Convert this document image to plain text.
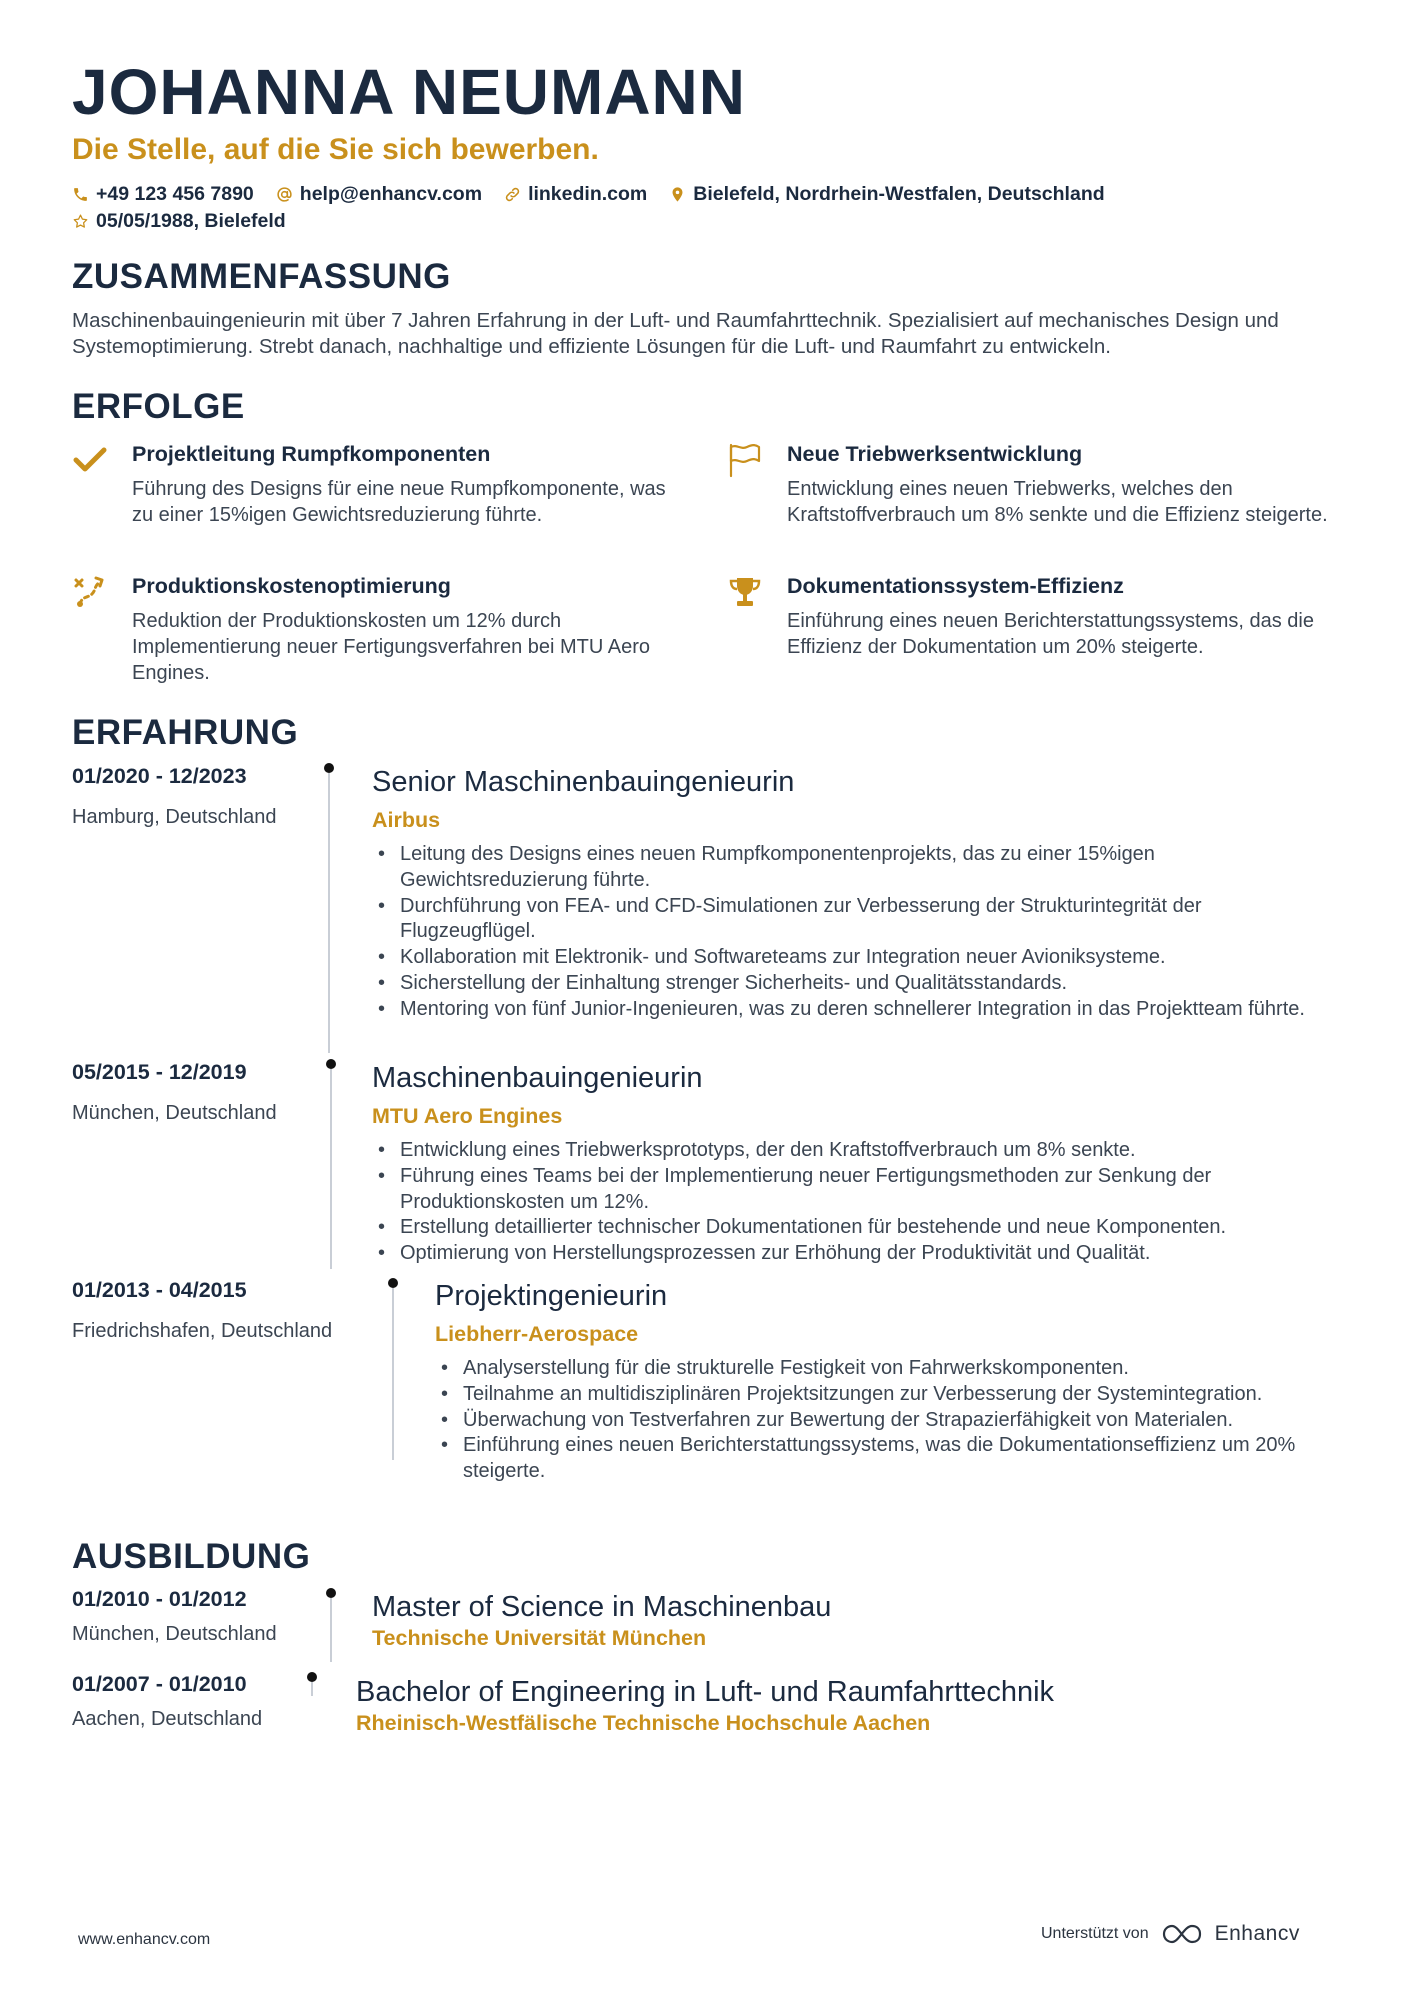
JOHANNA NEUMANN
Die Stelle, auf die Sie sich bewerben.
+49 123 456 7890 help@enhancv.com linkedin.com Bielefeld, Nordrhein-Westfalen, Deutschland
05/05/1988, Bielefeld
ZUSAMMENFASSUNG
Maschinenbauingenieurin mit über 7 Jahren Erfahrung in der Luft- und Raumfahrttechnik. Spezialisiert auf mechanisches Design und Systemoptimierung. Strebt danach, nachhaltige und effiziente Lösungen für die Luft- und Raumfahrt zu entwickeln.
ERFOLGE
Projektleitung Rumpfkomponenten
Führung des Designs für eine neue Rumpfkomponente, was zu einer 15%igen Gewichtsreduzierung führte.
Neue Triebwerksentwicklung
Entwicklung eines neuen Triebwerks, welches den Kraftstoffverbrauch um 8% senkte und die Effizienz steigerte.
Produktionskostenoptimierung
Reduktion der Produktionskosten um 12% durch Implementierung neuer Fertigungsverfahren bei MTU Aero Engines.
Dokumentationssystem-Effizienz
Einführung eines neuen Berichterstattungssystems, das die Effizienz der Dokumentation um 20% steigerte.
ERFAHRUNG
01/2020 - 12/2023
Hamburg, Deutschland
Senior Maschinenbauingenieurin
Airbus
• Leitung des Designs eines neuen Rumpfkomponentenprojekts, das zu einer 15%igen Gewichtsreduzierung führte.
• Durchführung von FEA- und CFD-Simulationen zur Verbesserung der Strukturintegrität der Flugzeugflügel.
• Kollaboration mit Elektronik- und Softwareteams zur Integration neuer Avioniksysteme.
• Sicherstellung der Einhaltung strenger Sicherheits- und Qualitätsstandards.
• Mentoring von fünf Junior-Ingenieuren, was zu deren schnellerer Integration in das Projektteam führte.
05/2015 - 12/2019
München, Deutschland
Maschinenbauingenieurin
MTU Aero Engines
• Entwicklung eines Triebwerksprototyps, der den Kraftstoffverbrauch um 8% senkte.
• Führung eines Teams bei der Implementierung neuer Fertigungsmethoden zur Senkung der Produktionskosten um 12%.
• Erstellung detaillierter technischer Dokumentationen für bestehende und neue Komponenten.
• Optimierung von Herstellungsprozessen zur Erhöhung der Produktivität und Qualität.
01/2013 - 04/2015
Friedrichshafen, Deutschland
Projektingenieurin
Liebherr-Aerospace
• Analyserstellung für die strukturelle Festigkeit von Fahrwerkskomponenten.
• Teilnahme an multidisziplinären Projektsitzungen zur Verbesserung der Systemintegration.
• Überwachung von Testverfahren zur Bewertung der Strapazierfähigkeit von Materialen.
• Einführung eines neuen Berichterstattungssystems, was die Dokumentationseffizienz um 20% steigerte.
AUSBILDUNG
01/2010 - 01/2012
München, Deutschland
Master of Science in Maschinenbau
Technische Universität München
01/2007 - 01/2010
Aachen, Deutschland
Bachelor of Engineering in Luft- und Raumfahrttechnik
Rheinisch-Westfälische Technische Hochschule Aachen
www.enhancv.com	Unterstützt von	Enhancv
